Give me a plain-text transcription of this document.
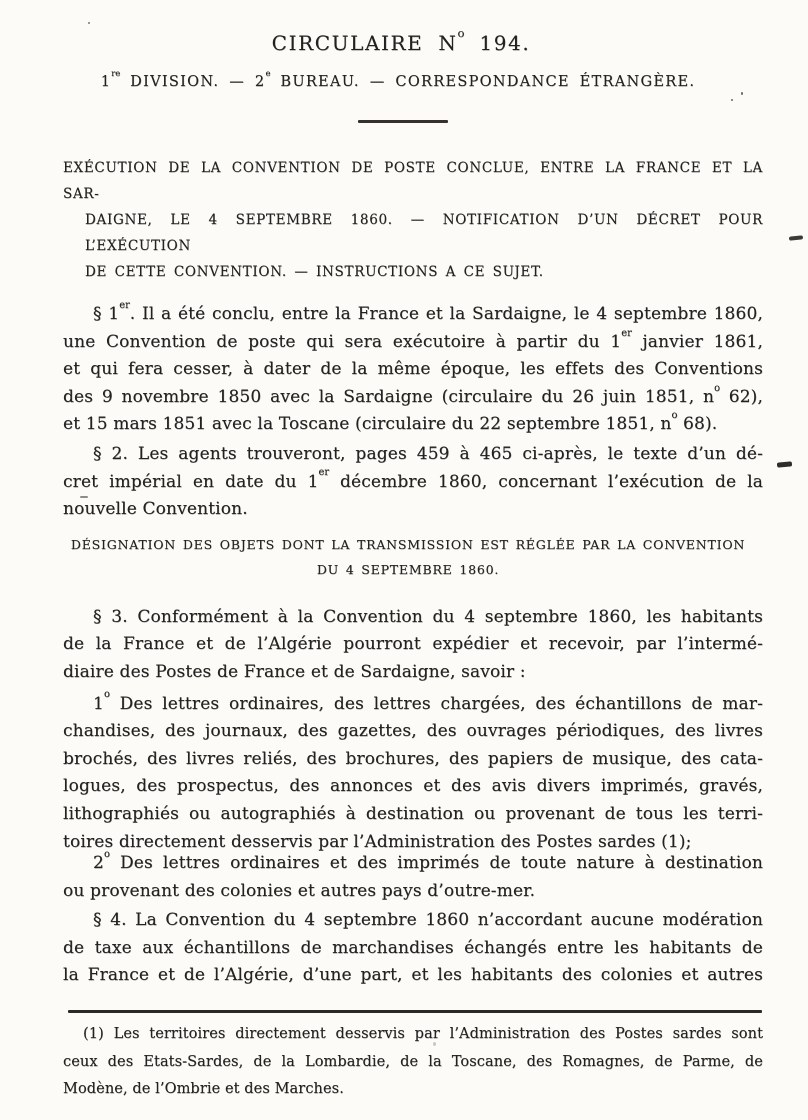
CIRCULAIRE $N^o$ 194.
1re DIVISION. — 2e BUREAU. — CORRESPONDANCE ÉTRANGÈRE.
EXÉCUTION DE LA CONVENTION DE POSTE CONCLUE, ENTRE LA FRANCE ET LA SAR-
DAIGNE, LE 4 SEPTEMBRE 1860. — NOTIFICATION D’UN DÉCRET POUR L’EXÉCUTION
DE CETTE CONVENTION. — INSTRUCTIONS A CE SUJET.
§ 1er. Il a été conclu, entre la France et la Sardaigne, le 4 septembre 1860,
une Convention de poste qui sera exécutoire à partir du 1er janvier 1861,
et qui fera cesser, à dater de la même époque, les effets des Conventions
des 9 novembre 1850 avec la Sardaigne (circulaire du 26 juin 1851, $n^o$ 62),
et 15 mars 1851 avec la Toscane (circulaire du 22 septembre 1851, $n^o$ 68).
§ 2. Les agents trouveront, pages 459 à 465 ci-après, le texte d’un dé-
cret impérial en date du 1er décembre 1860, concernant l’exécution de la
nouvelle Convention.
DÉSIGNATION DES OBJETS DONT LA TRANSMISSION EST RÉGLÉE PAR LA CONVENTION
DU 4 SEPTEMBRE 1860.
§ 3. Conformément à la Convention du 4 septembre 1860, les habitants
de la France et de l’Algérie pourront expédier et recevoir, par l’intermé-
diaire des Postes de France et de Sardaigne, savoir :
1$^o$ Des lettres ordinaires, des lettres chargées, des échantillons de mar-
chandises, des journaux, des gazettes, des ouvrages périodiques, des livres
brochés, des livres reliés, des brochures, des papiers de musique, des cata-
logues, des prospectus, des annonces et des avis divers imprimés, gravés,
lithographiés ou autographiés à destination ou provenant de tous les terri-
toires directement desservis par l’Administration des Postes sardes (1);
2$^o$ Des lettres ordinaires et des imprimés de toute nature à destination
ou provenant des colonies et autres pays d’outre-mer.
§ 4. La Convention du 4 septembre 1860 n’accordant aucune modération
de taxe aux échantillons de marchandises échangés entre les habitants de
la France et de l’Algérie, d’une part, et les habitants des colonies et autres
(1) Les territoires directement desservis par l’Administration des Postes sardes sont
ceux des Etats-Sardes, de la Lombardie, de la Toscane, des Romagnes, de Parme, de
Modène, de l’Ombrie et des Marches.
